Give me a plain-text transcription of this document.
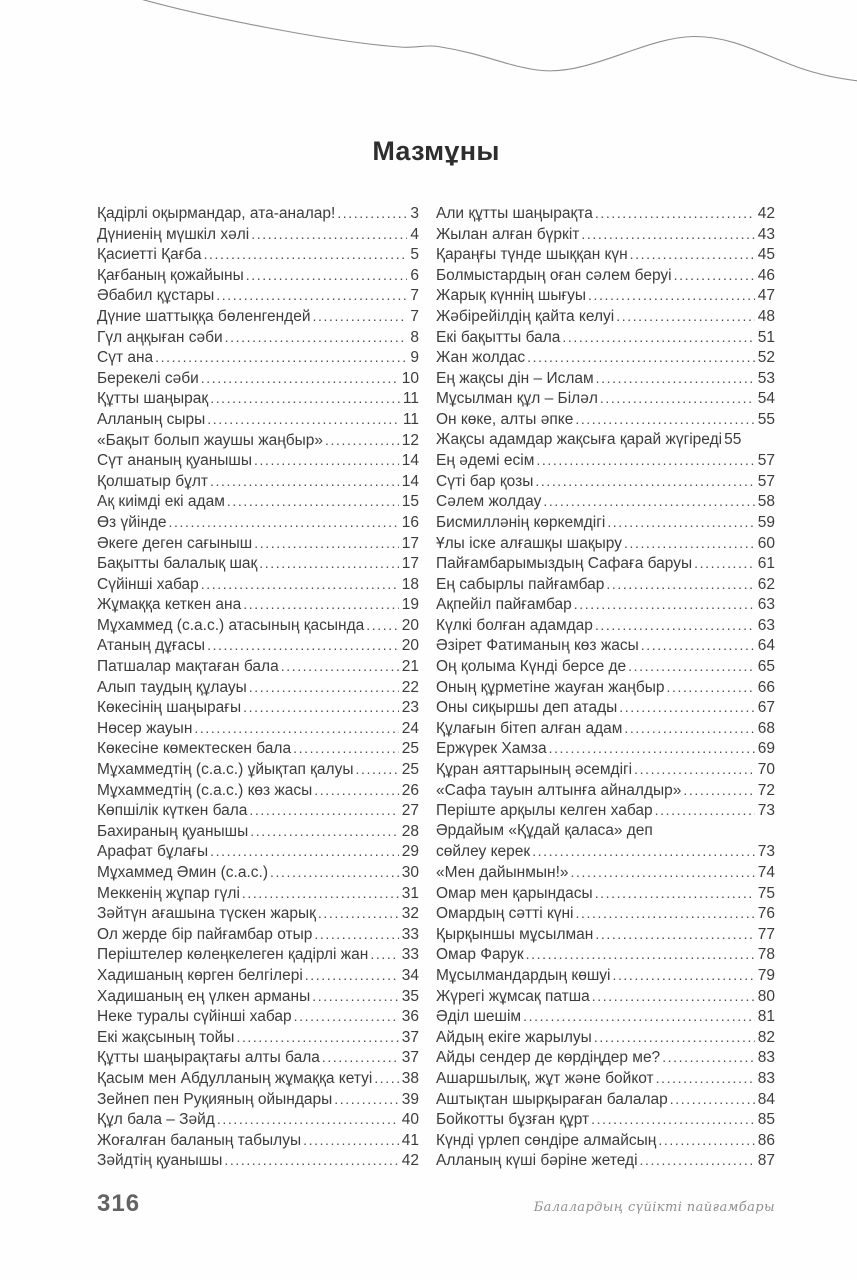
Мазмұны
Қадірлі оқырмандар, ата-аналар! .....	3
Дүниенің мүшкіл хәлі .....	4
Қасиетті Қағба .....	5
Қағбаның қожайыны .....	6
Әбабил құстары .....	7
Дүние шаттыққа бөленгендей .....	7
Гүл аңқыған сәби .....	8
Сүт ана .....	9
Берекелі сәби .....	10
Құтты шаңырақ .....	11
Алланың сыры .....	11
«Бақыт болып жаушы жаңбыр» .....	12
Сүт ананың қуанышы .....	14
Қолшатыр бұлт .....	14
Ақ киімді екі адам .....	15
Өз үйінде .....	16
Әкеге деген сағыныш .....	17
Бақытты балалық шақ .....	17
Сүйінші хабар .....	18
Жұмаққа кеткен ана .....	19
Мұхаммед (с.а.с.) атасының қасында ..... 20
Атаның дұғасы .....	20
Патшалар мақтаған бала .....	21
Алып таудың құлауы .....	22
Көкесінің шаңырағы .....	23
Нөсер жауын .....	24
Көкесіне көмектескен бала .....	25
Мұхаммедтің (с.а.с.) ұйықтап қалуы .....	25
Мұхаммедтің (с.а.с.) көз жасы .....	26
Көпшілік күткен бала .....	27
Бахираның қуанышы .....	28
Арафат бұлағы .....	29
Мұхаммед Әмин (с.а.с.) .....	30
Меккенің жұпар гүлі .....	31
Зәйтүн ағашына түскен жарық .....	32
Ол жерде бір пайғамбар отыр .....	33
Періштелер көлеңкелеген қадірлі жан ..... 33
Хадишаның көрген белгілері .....	34
Хадишаның ең үлкен арманы .....	35
Неке туралы сүйінші хабар .....	36
Екі жақсының тойы .....	37
Құтты шаңырақтағы алты бала .....	37
Қасым мен Абдулланың жұмаққа кетуі ..... 38
Зейнеп пен Руқияның ойындары .....	39
Құл бала – Зәйд .....	40
Жоғалған баланың табылуы .....	41
Зәйдтің қуанышы .....	42
Али құтты шаңырақта .....	42
Жылан алған бүркіт .....	43
Қараңғы түнде шыққан күн .....	45
Болмыстардың оған сәлем беруі .....	46
Жарық күннің шығуы .....	47
Жәбірейілдің қайта келуі .....	48
Екі бақытты бала .....	51
Жан жолдас .....	52
Ең жақсы дін – Ислам .....	53
Мұсылман құл – Біләл .....	54
Он көке, алты әпке .....	55
Жақсы адамдар жақсыға қарай жүгіреді 55
Ең әдемі есім .....	57
Сүті бар қозы .....	57
Сәлем жолдау .....	58
Бисмилләнің көркемдігі .....	59
Ұлы іске алғашқы шақыру .....	60
Пайғамбарымыздың Сафаға баруы .....	61
Ең сабырлы пайғамбар .....	62
Ақпейіл пайғамбар .....	63
Күлкі болған адамдар .....	63
Әзірет Фатиманың көз жасы .....	64
Оң қолыма Күнді берсе де .....	65
Оның құрметіне жауған жаңбыр .....	66
Оны сиқыршы деп атады .....	67
Құлағын бітеп алған адам .....	68
Ержүрек Хамза .....	69
Құран аяттарының әсемдігі .....	70
«Сафа тауын алтынға айналдыр» .....	72
Періште арқылы келген хабар .....	73
Әрдайым «Құдай қаласа» деп
сөйлеу керек .....	73
«Мен дайынмын!» .....	74
Омар мен қарындасы .....	75
Омардың сәтті күні .....	76
Қырқыншы мұсылман .....	77
Омар Фарук .....	78
Мұсылмандардың көшуі .....	79
Жүрегі жұмсақ патша .....	80
Әділ шешім .....	81
Айдың екіге жарылуы .....	82
Айды сендер де көрдіңдер ме? .....	83
Ашаршылық, жұт және бойкот .....	83
Аштықтан шырқыраған балалар .....	84
Бойкотты бұзған құрт .....	85
Күнді үрлеп сөндіре алмайсың .....	86
Алланың күші бәріне жетеді .....	87
316	Балалардың сүйікті пайғамбары
